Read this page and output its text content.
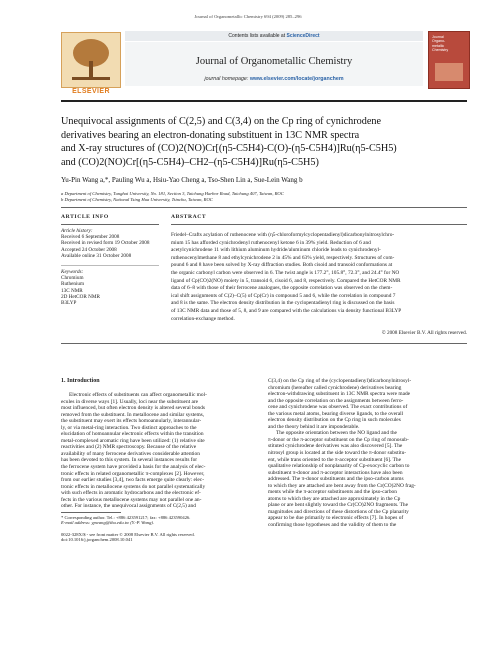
Journal of Organometallic Chemistry 694 (2009) 285–296
ELSEVIER
Contents lists available at ScienceDirect
Journal of Organometallic Chemistry
journal homepage: www.elsevier.com/locate/jorganchem
Journal
Organo-
metallic
Chemistry
Unequivocal assignments of C(2,5) and C(3,4) on the Cp ring of cynichrodene
derivatives bearing an electron-donating substituent in 13C NMR spectra
and X-ray structures of (CO)2(NO)Cr[(η5-C5H4)-C(O)-(η5-C5H4)]Ru(η5-C5H5)
and (CO)2(NO)Cr[(η5-C5H4)–CH2–(η5-C5H4)]Ru(η5-C5H5)
Yu-Pin Wang a,*, Pauling Wu a, Hsiu-Yao Cheng a, Tso-Shen Lin a, Sue-Lein Wang b
a Department of Chemistry, Tunghai University, No. 181, Section 3, Taichung Harbor Road, Taichung 407, Taiwan, ROC
b Department of Chemistry, National Tsing Hua University, Tsinchu, Taiwan, ROC
ARTICLE INFO
Article history:
Received 6 September 2008
Received in revised form 19 October 2008
Accepted 24 October 2008
Available online 31 October 2008
Keywords:
Chromium
Ruthenium
13C NMR
2D HetCOR NMR
B3LYP
ABSTRACT
Friedel–Crafts acylation of ruthenocene with (η5-chloroformylcyclopentadienyl)dicarbonylnitrosylchro-
mium 15 has afforded cynichrodenyl ruthenocenyl ketone 6 in 39% yield. Reduction of 6 and
acetylcynichrodene 11 with lithium aluminum hydride/aluminum chloride leads to cynichrodenyl-
ruthenocenylmethane 8 and ethylcynichrodene 2 in 45% and 63% yield, respectively. Structures of com-
pound 6 and 8 have been solved by X-ray diffraction studies. Both cisoid and transoid conformations at
the organic carbonyl carbon were observed in 6. The twist angle is 177.2°, 105.8°, 72.3°, and 24.4° for NO
ligand of Cp(CO)2(NO) moiety in 5, transoid 6, cisoid 6, and 8, respectively. Compared the HetCOR NMR
data of 6–8 with those of their ferrocene analogues, the opposite correlation was observed on the chem-
ical shift assignments of C(2)–C(5) of Cp(Cr) in compound 5 and 6, while the correlation in compound 7
and 8 is the same. The electron density distribution in the cyclopentadienyl ring is discussed on the basis
of 13C NMR data and those of 5, 8, and 9 are compared with the calculations via density functional B3LYP
correlation-exchange method.
© 2008 Elsevier B.V. All rights reserved.
1. Introduction
Electronic effects of substituents can affect organometallic mol-
ecules in diverse ways [1]. Usually, loci near the substituent are
most influenced, but often electron density is altered several bonds
removed from the substituent. In metallocene and similar systems,
the substituent may exert its effects homoannularly, interannular-
ly, or via metal-ring interaction. Two distinct approaches to the
elucidation of homoannular electronic effects within the transition
metal-complexed aromatic ring have been utilized: (1) relative site
reactivities and (2) NMR spectroscopy. Because of the relative
availability of many ferrocene derivatives considerable attention
has been devoted to this system. In several instances results for
the ferrocene system have provided a basis for the analysis of elec-
tronic effects in related organometallic π-complexes [2]. However,
from our earlier studies [3,4], two facts emerge quite clearly: elec-
tronic effects in metallocene systems do not parallel systematically
with such effects in aromatic hydrocarbons and the electronic ef-
fects in the various metallocene systems may not parallel one an-
other. For instance, the unequivocal assignments of C(2,5) and
C(3,4) on the Cp ring of the (cyclopentadienyl)dicarbonylnitrosyl-
chromium (hereafter called cynichrodene) derivatives bearing
electron-withdrawing substituent in 13C NMR spectra were made
and the opposite correlation on the assignments between ferro-
cene and cynichrodene was observed. The exact contributions of
the various metal atoms, bearing diverse ligands, to the overall
electron density distribution on the Cp ring in such molecules
and the theory behind it are imponderable.
The opposite orientation between the NO ligand and the
π-donor or the π-acceptor substituent on the Cp ring of monosub-
stituted cynichrodene derivatives was also discovered [5]. The
nitrosyl group is located at the side toward the π-donor substitu-
ent, while trans oriented to the π-acceptor substituent [6]. The
qualitative relationship of nonplanarity of Cp-exocyclic carbon to
substituent π-donor and π-acceptor interactions have also been
addressed. The π-donor substituents and the ipso-carbon atoms
to which they are attached are bent away from the Cr(CO)2NO frag-
ments while the π-acceptor substituents and the ipso-carbon
atoms to which they are attached are approximately in the Cp
plane or are bent slightly toward the Cr(CO)2NO fragments. The
magnitudes and directions of these distortions of the Cp planarity
appear to be due primarily to electronic effects [7]. In hopes of
confirming those hypotheses and the validity of them to the
* Corresponding author. Tel.: +886 423591217; fax: +886 423590426.
E-mail address: ypwang@thu.edu.tw (Y.-P. Wang).
0022-328X/$ - see front matter © 2008 Elsevier B.V. All rights reserved.
doi:10.1016/j.jorganchem.2008.10.041
